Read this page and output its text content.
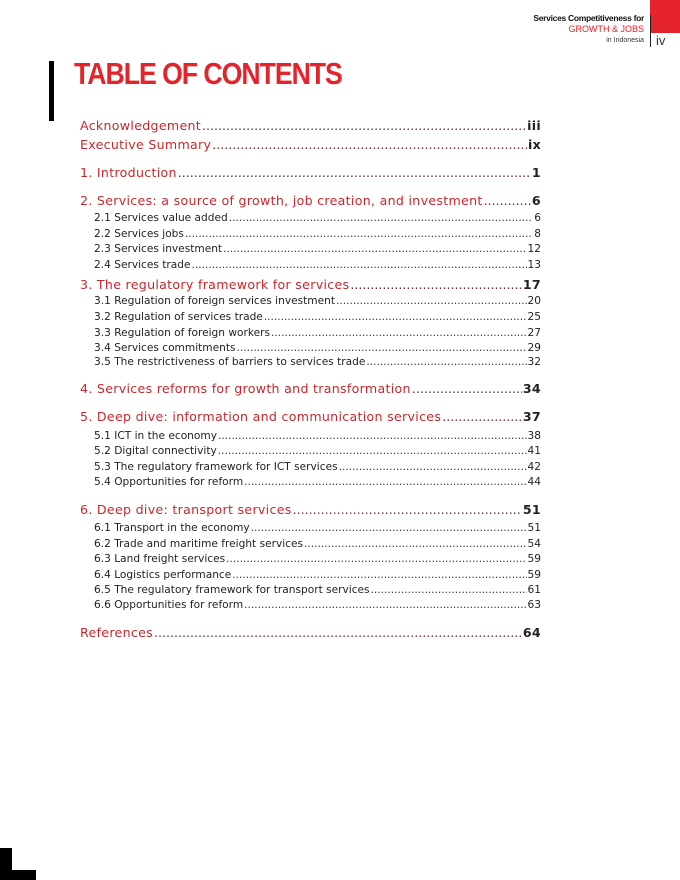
Services Competitiveness for
GROWTH & JOBS
in Indonesia iv
TABLE OF CONTENTS
Acknowledgement .....	iii
Executive Summary .....	ix
1. Introduction .....	1
2. Services: a source of growth, job creation, and investment .....	6
2.1 Services value added .....	6
2.2 Services jobs .....	8
2.3 Services investment .....	12
2.4 Services trade .....	13
3. The regulatory framework for services .....	17
3.1 Regulation of foreign services investment .....	20
3.2 Regulation of services trade .....	25
3.3 Regulation of foreign workers .....	27
3.4 Services commitments .....	29
3.5 The restrictiveness of barriers to services trade .....	32
4. Services reforms for growth and transformation .....	34
5. Deep dive: information and communication services .....	37
5.1 ICT in the economy .....	38
5.2 Digital connectivity .....	41
5.3 The regulatory framework for ICT services .....	42
5.4 Opportunities for reform .....	44
6. Deep dive: transport services .....	51
6.1 Transport in the economy .....	51
6.2 Trade and maritime freight services .....	54
6.3 Land freight services .....	59
6.4 Logistics performance .....	59
6.5 The regulatory framework for transport services .....	61
6.6 Opportunities for reform .....	63
References .....	64
